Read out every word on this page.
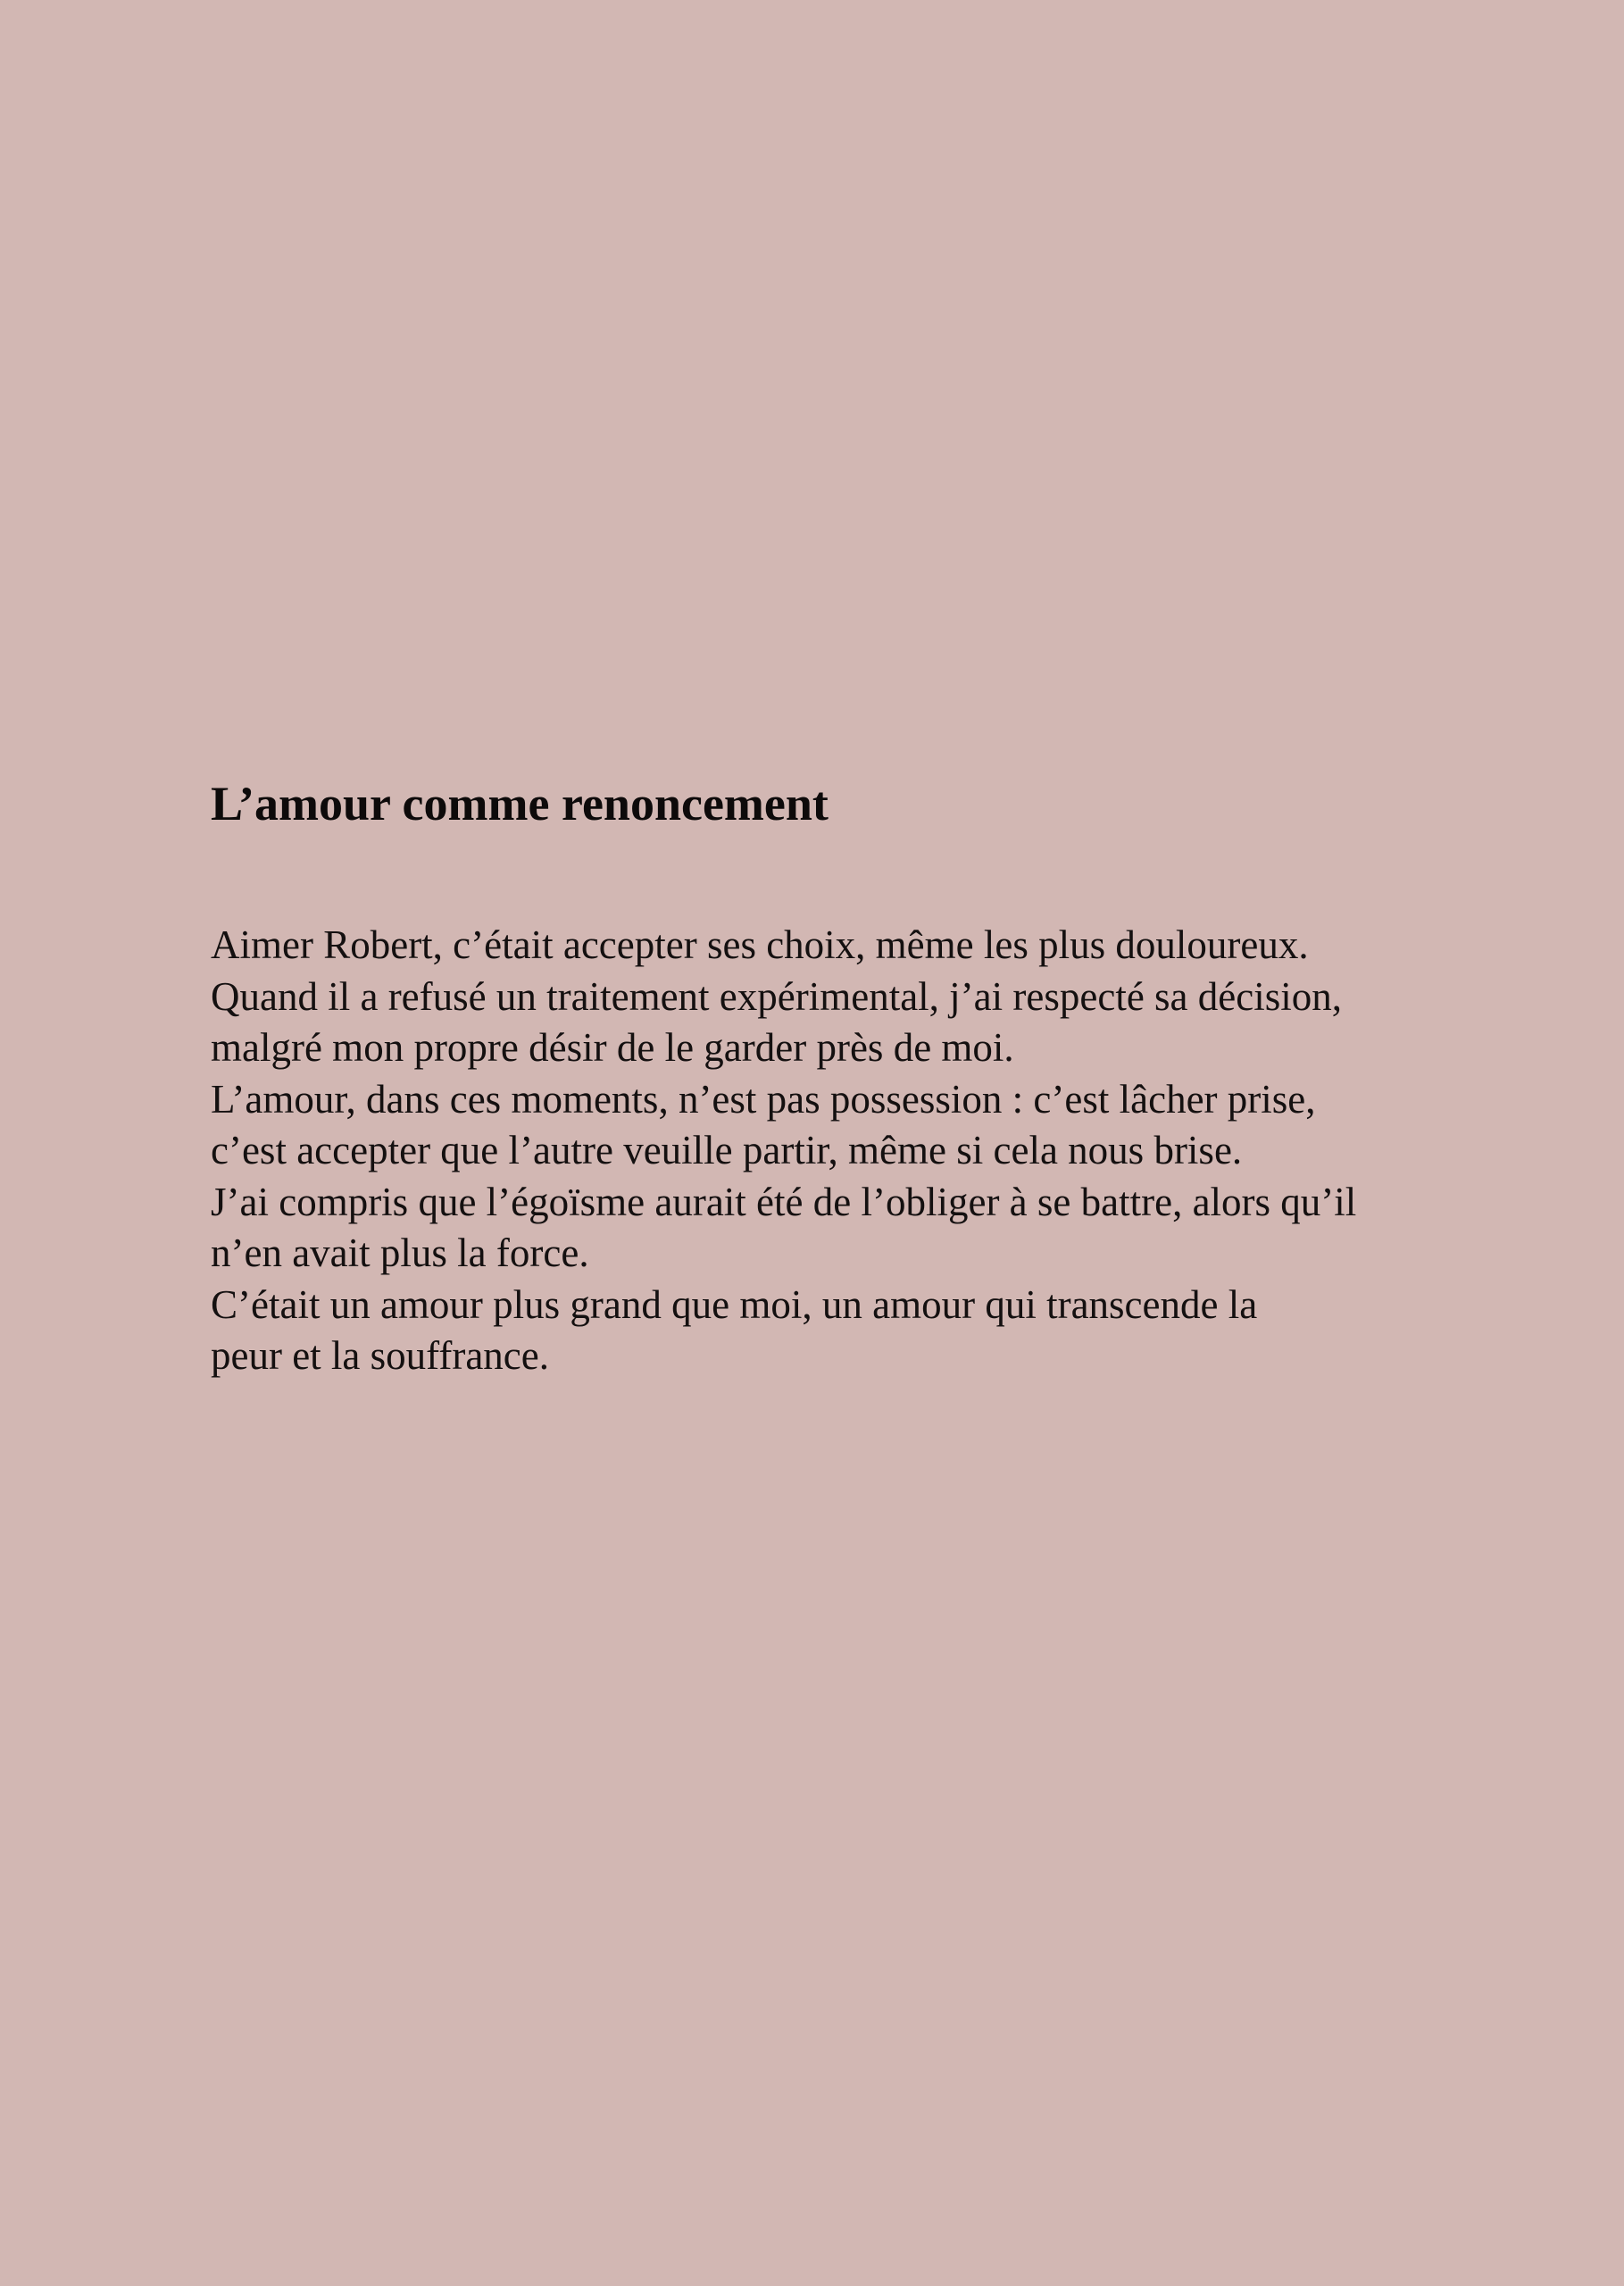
L’amour comme renoncement

Aimer Robert, c’était accepter ses choix, même les plus douloureux.
Quand il a refusé un traitement expérimental, j’ai respecté sa décision,
malgré mon propre désir de le garder près de moi.
L’amour, dans ces moments, n’est pas possession : c’est lâcher prise,
c’est accepter que l’autre veuille partir, même si cela nous brise.
J’ai compris que l’égoïsme aurait été de l’obliger à se battre, alors qu’il
n’en avait plus la force.
C’était un amour plus grand que moi, un amour qui transcende la
peur et la souffrance.
